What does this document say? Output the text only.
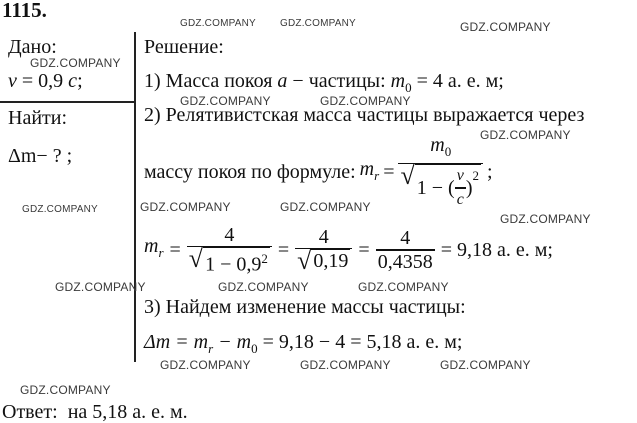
1115.
Дано:
v = 0,9 c;
Найти:
Δm− ? ;
Решение:
1) Масса покоя a − частицы: $m_0 = 4$ а. е. м;
2) Релятивистская масса частицы выражается через
массу покоя по формуле: $m_r = m_0$
√ 1 − ( $\frac{v}{c}$ )
$^2$ ;
$m_r = \frac{4}{√ 1 - 0,9^2} = \frac{4}{√ 0,19} = \frac{4}{0,4358} = 9,18$ а. е. м;
3) Найдем изменение массы частицы:
$\Delta m = m_r - m_0 = 9,18 - 4 = 5,18$ а. е. м;
Ответ: на 5,18 а. е. м.
GDZ.COMPANY GDZ.COMPANY	GDZ.COMPANY
GDZ.COMPANY
GDZ.COMPANY	GDZ.COMPANY
GDZ.COMPANY
GDZ.COMPANY	GDZ.COMPANY	GDZ.COMPANY
GDZ.COMPANY
GDZ.COMPANY	GDZ.COMPANY	GDZ.COMPANY
GDZ.COMPANY	GDZ.COMPANY	GDZ.COMPANY
GDZ.COMPANY
